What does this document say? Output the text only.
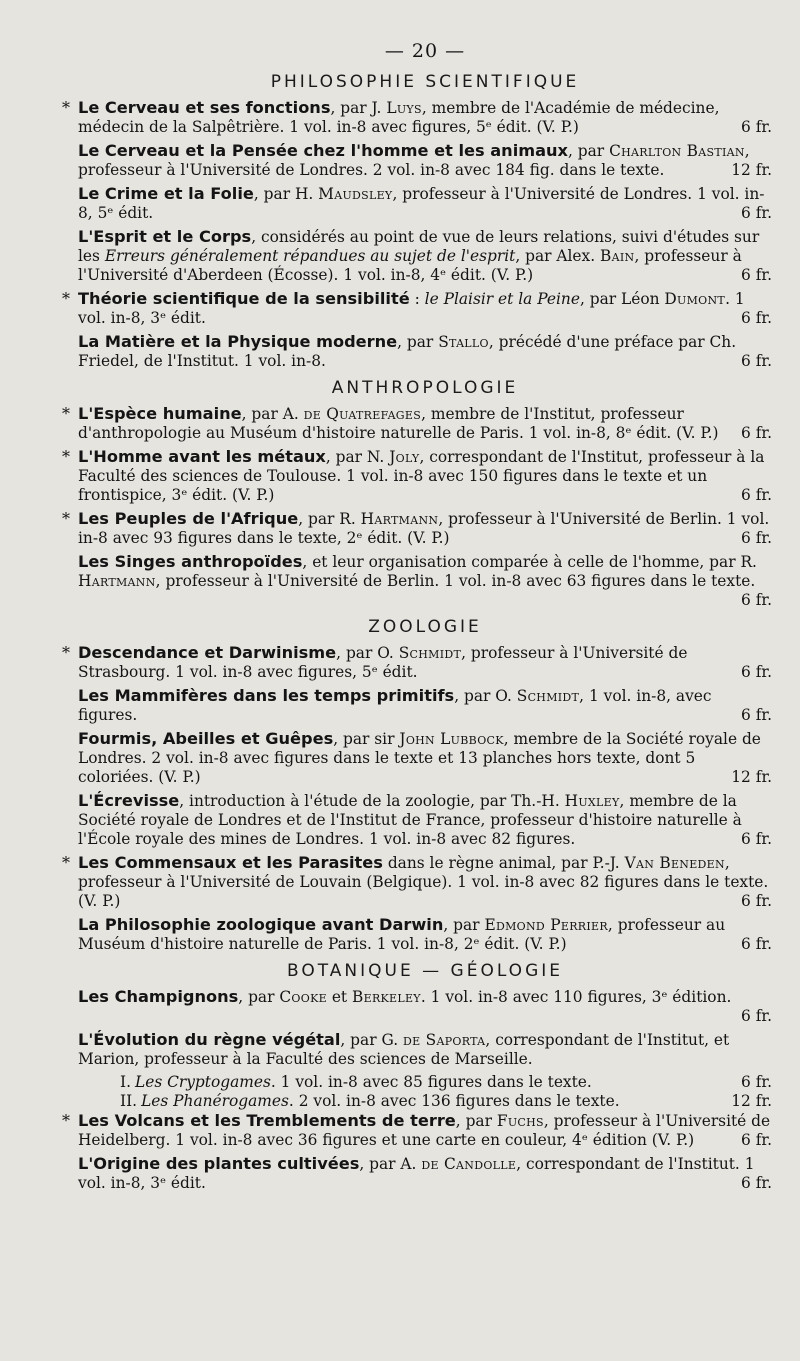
— 20 —
PHILOSOPHIE SCIENTIFIQUE
* Le Cerveau et ses fonctions, par J. Luys, membre de l'Académie de médecine, médecin de la Salpêtrière. 1 vol. in-8 avec figures, 5ᵉ édit. (V. P.)	6 fr.
Le Cerveau et la Pensée chez l'homme et les animaux, par Charlton Bastian, professeur à l'Université de Londres. 2 vol. in-8 avec 184 fig. dans le texte.	12 fr.
Le Crime et la Folie, par H. Maudsley, professeur à l'Université de Londres. 1 vol. in-8, 5ᵉ édit.	6 fr.
L'Esprit et le Corps, considérés au point de vue de leurs relations, suivi d'études sur les Erreurs généralement répandues au sujet de l'esprit, par Alex. Bain, professeur à l'Université d'Aberdeen (Écosse). 1 vol. in-8, 4ᵉ édit. (V. P.)	6 fr.
* Théorie scientifique de la sensibilité : le Plaisir et la Peine, par Léon Dumont. 1 vol. in-8, 3ᵉ édit.	6 fr.
La Matière et la Physique moderne, par Stallo, précédé d'une préface par Ch. Friedel, de l'Institut. 1 vol. in-8.	6 fr.
ANTHROPOLOGIE
* L'Espèce humaine, par A. de Quatrefages, membre de l'Institut, professeur d'anthropologie au Muséum d'histoire naturelle de Paris. 1 vol. in-8, 8ᵉ édit. (V. P.) 6 fr.
* L'Homme avant les métaux, par N. Joly, correspondant de l'Institut, professeur à la Faculté des sciences de Toulouse. 1 vol. in-8 avec 150 figures dans le texte et un frontispice, 3ᵉ édit. (V. P.)	6 fr.
* Les Peuples de l'Afrique, par R. Hartmann, professeur à l'Université de Berlin. 1 vol. in-8 avec 93 figures dans le texte, 2ᵉ édit. (V. P.)	6 fr.
Les Singes anthropoïdes, et leur organisation comparée à celle de l'homme, par R. Hartmann, professeur à l'Université de Berlin. 1 vol. in-8 avec 63 figures dans le texte.
6 fr.
ZOOLOGIE
* Descendance et Darwinisme, par O. Schmidt, professeur à l'Université de Strasbourg. 1 vol. in-8 avec figures, 5ᵉ édit.	6 fr.
Les Mammifères dans les temps primitifs, par O. Schmidt, 1 vol. in-8, avec figures.	6 fr.
Fourmis, Abeilles et Guêpes, par sir John Lubbock, membre de la Société royale de Londres. 2 vol. in-8 avec figures dans le texte et 13 planches hors texte, dont 5 coloriées. (V. P.)	12 fr.
L'Écrevisse, introduction à l'étude de la zoologie, par Th.-H. Huxley, membre de la Société royale de Londres et de l'Institut de France, professeur d'histoire naturelle à l'École royale des mines de Londres. 1 vol. in-8 avec 82 figures.	6 fr.
* Les Commensaux et les Parasites dans le règne animal, par P.-J. Van Beneden, professeur à l'Université de Louvain (Belgique). 1 vol. in-8 avec 82 figures dans le texte. (V. P.)	6 fr.
La Philosophie zoologique avant Darwin, par Edmond Perrier, professeur au Muséum d'histoire naturelle de Paris. 1 vol. in-8, 2ᵉ édit. (V. P.)	6 fr.
BOTANIQUE — GÉOLOGIE
Les Champignons, par Cooke et Berkeley. 1 vol. in-8 avec 110 figures, 3ᵉ édition.
6 fr.
L'Évolution du règne végétal, par G. de Saporta, correspondant de l'Institut, et Marion, professeur à la Faculté des sciences de Marseille.
I. Les Cryptogames. 1 vol. in-8 avec 85 figures dans le texte.	6 fr.
II. Les Phanérogames. 2 vol. in-8 avec 136 figures dans le texte.	12 fr.
* Les Volcans et les Tremblements de terre, par Fuchs, professeur à l'Université de Heidelberg. 1 vol. in-8 avec 36 figures et une carte en couleur, 4ᵉ édition (V. P.)	6 fr.
L'Origine des plantes cultivées, par A. de Candolle, correspondant de l'Institut. 1 vol. in-8, 3ᵉ édit.	6 fr.
